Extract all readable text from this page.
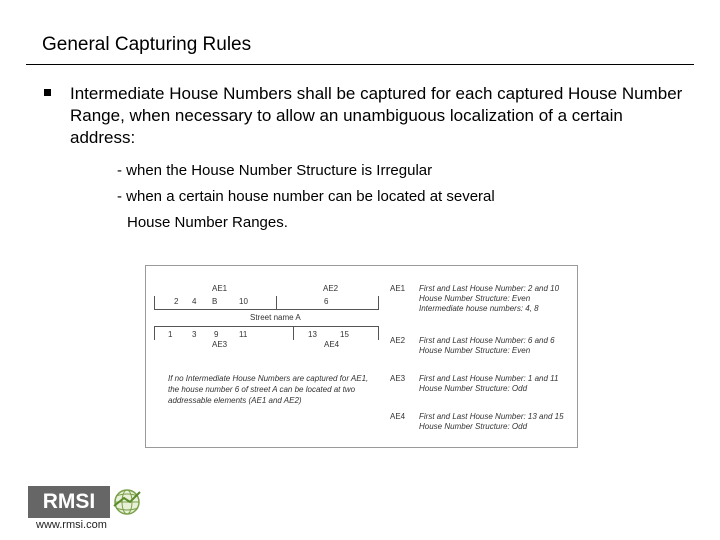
General Capturing Rules

Intermediate House Numbers shall be captured for each captured House Number Range, when necessary to allow an unambiguous localization of a certain address:

- when the House Number Structure is Irregular

- when a certain house number can be located at several

House Number Ranges.

AE1	AE2
2 4 B	10	6
Street name A
1 3 9	11	13	15
AE3	AE4
If no Intermediate House Numbers are captured for AE1,
the house number 6 of street A can be located at two
addressable elements (AE1 and AE2)
AE1 First and Last House Number: 2 and 10
House Number Structure: Even
Intermediate house numbers: 4, 8
AE2 First and Last House Number: 6 and 6
House Number Structure: Even
AE3 First and Last House Number: 1 and 11
House Number Structure: Odd
AE4 First and Last House Number: 13 and 15
House Number Structure: Odd
RMSI
www.rmsi.com
